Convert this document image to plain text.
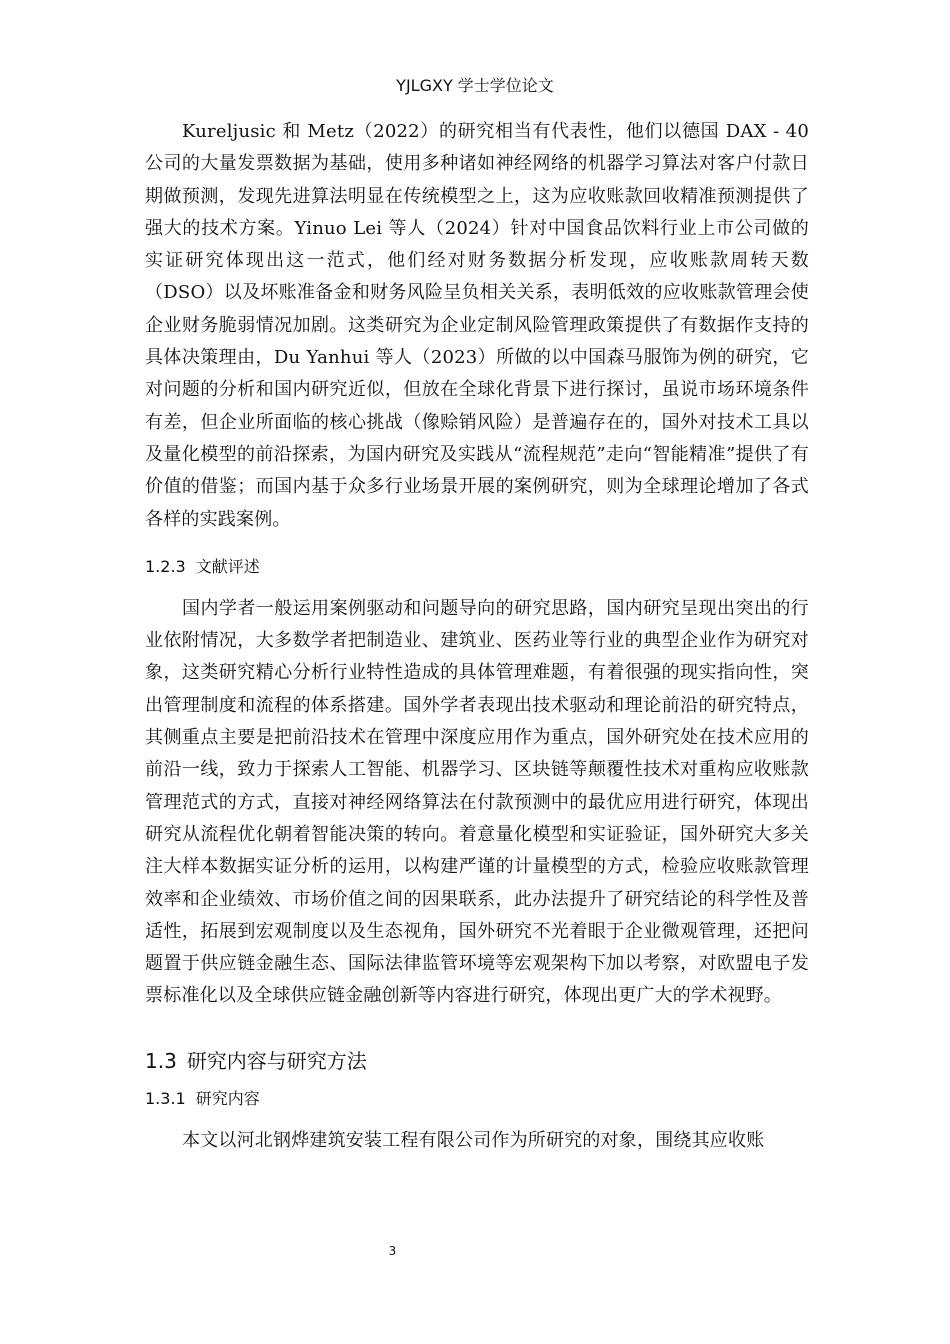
YJLGXY 学士学位论文

Kureljusic 和 Metz（2022）的研究相当有代表性，他们以德国 DAX - 40 公司的大量发票数据为基础，使用多种诸如神经网络的机器学习算法对客户付款日期做预测，发现先进算法明显在传统模型之上，这为应收账款回收精准预测提供了强大的技术方案。Yinuo Lei 等人（2024）针对中国食品饮料行业上市公司做的实证研究体现出这一范式，他们经对财务数据分析发现，应收账款周转天数（DSO）以及坏账准备金和财务风险呈负相关关系，表明低效的应收账款管理会使企业财务脆弱情况加剧。这类研究为企业定制风险管理政策提供了有数据作支持的具体决策理由，Du Yanhui 等人（2023）所做的以中国森马服饰为例的研究，它对问题的分析和国内研究近似，但放在全球化背景下进行探讨，虽说市场环境条件有差，但企业所面临的核心挑战（像赊销风险）是普遍存在的，国外对技术工具以及量化模型的前沿探索，为国内研究及实践从“流程规范”走向“智能精准”提供了有价值的借鉴；而国内基于众多行业场景开展的案例研究，则为全球理论增加了各式各样的实践案例。

1.2.3 文献评述

国内学者一般运用案例驱动和问题导向的研究思路，国内研究呈现出突出的行业依附情况，大多数学者把制造业、建筑业、医药业等行业的典型企业作为研究对象，这类研究精心分析行业特性造成的具体管理难题，有着很强的现实指向性，突出管理制度和流程的体系搭建。国外学者表现出技术驱动和理论前沿的研究特点，其侧重点主要是把前沿技术在管理中深度应用作为重点，国外研究处在技术应用的前沿一线，致力于探索人工智能、机器学习、区块链等颠覆性技术对重构应收账款管理范式的方式，直接对神经网络算法在付款预测中的最优应用进行研究，体现出研究从流程优化朝着智能决策的转向。着意量化模型和实证验证，国外研究大多关注大样本数据实证分析的运用，以构建严谨的计量模型的方式，检验应收账款管理效率和企业绩效、市场价值之间的因果联系，此办法提升了研究结论的科学性及普适性，拓展到宏观制度以及生态视角，国外研究不光着眼于企业微观管理，还把问题置于供应链金融生态、国际法律监管环境等宏观架构下加以考察，对欧盟电子发票标准化以及全球供应链金融创新等内容进行研究，体现出更广大的学术视野。

1.3 研究内容与研究方法
1.3.1 研究内容

本文以河北钢烨建筑安装工程有限公司作为所研究的对象，围绕其应收账

3
